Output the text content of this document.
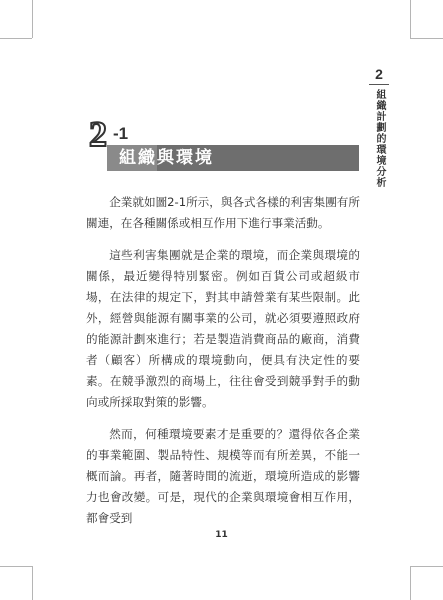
2
組織計劃的環境分析
2 -1
組織與環境

企業就如圖2-1所示，與各式各樣的利害集團有所關連，在各種關係或相互作用下進行事業活動。

這些利害集團就是企業的環境，而企業與環境的關係，最近變得特別緊密。例如百貨公司或超級市場，在法律的規定下，對其申請營業有某些限制。此外，經營與能源有關事業的公司，就必須要遵照政府的能源計劃來進行；若是製造消費商品的廠商，消費者（顧客）所構成的環境動向，便具有決定性的要素。在競爭激烈的商場上，往往會受到競爭對手的動向或所採取對策的影響。

然而，何種環境要素才是重要的？還得依各企業的事業範圍、製品特性、規模等而有所差異，不能一概而論。再者，隨著時間的流逝，環境所造成的影響力也會改變。可是，現代的企業與環境會相互作用，都會受到

11
